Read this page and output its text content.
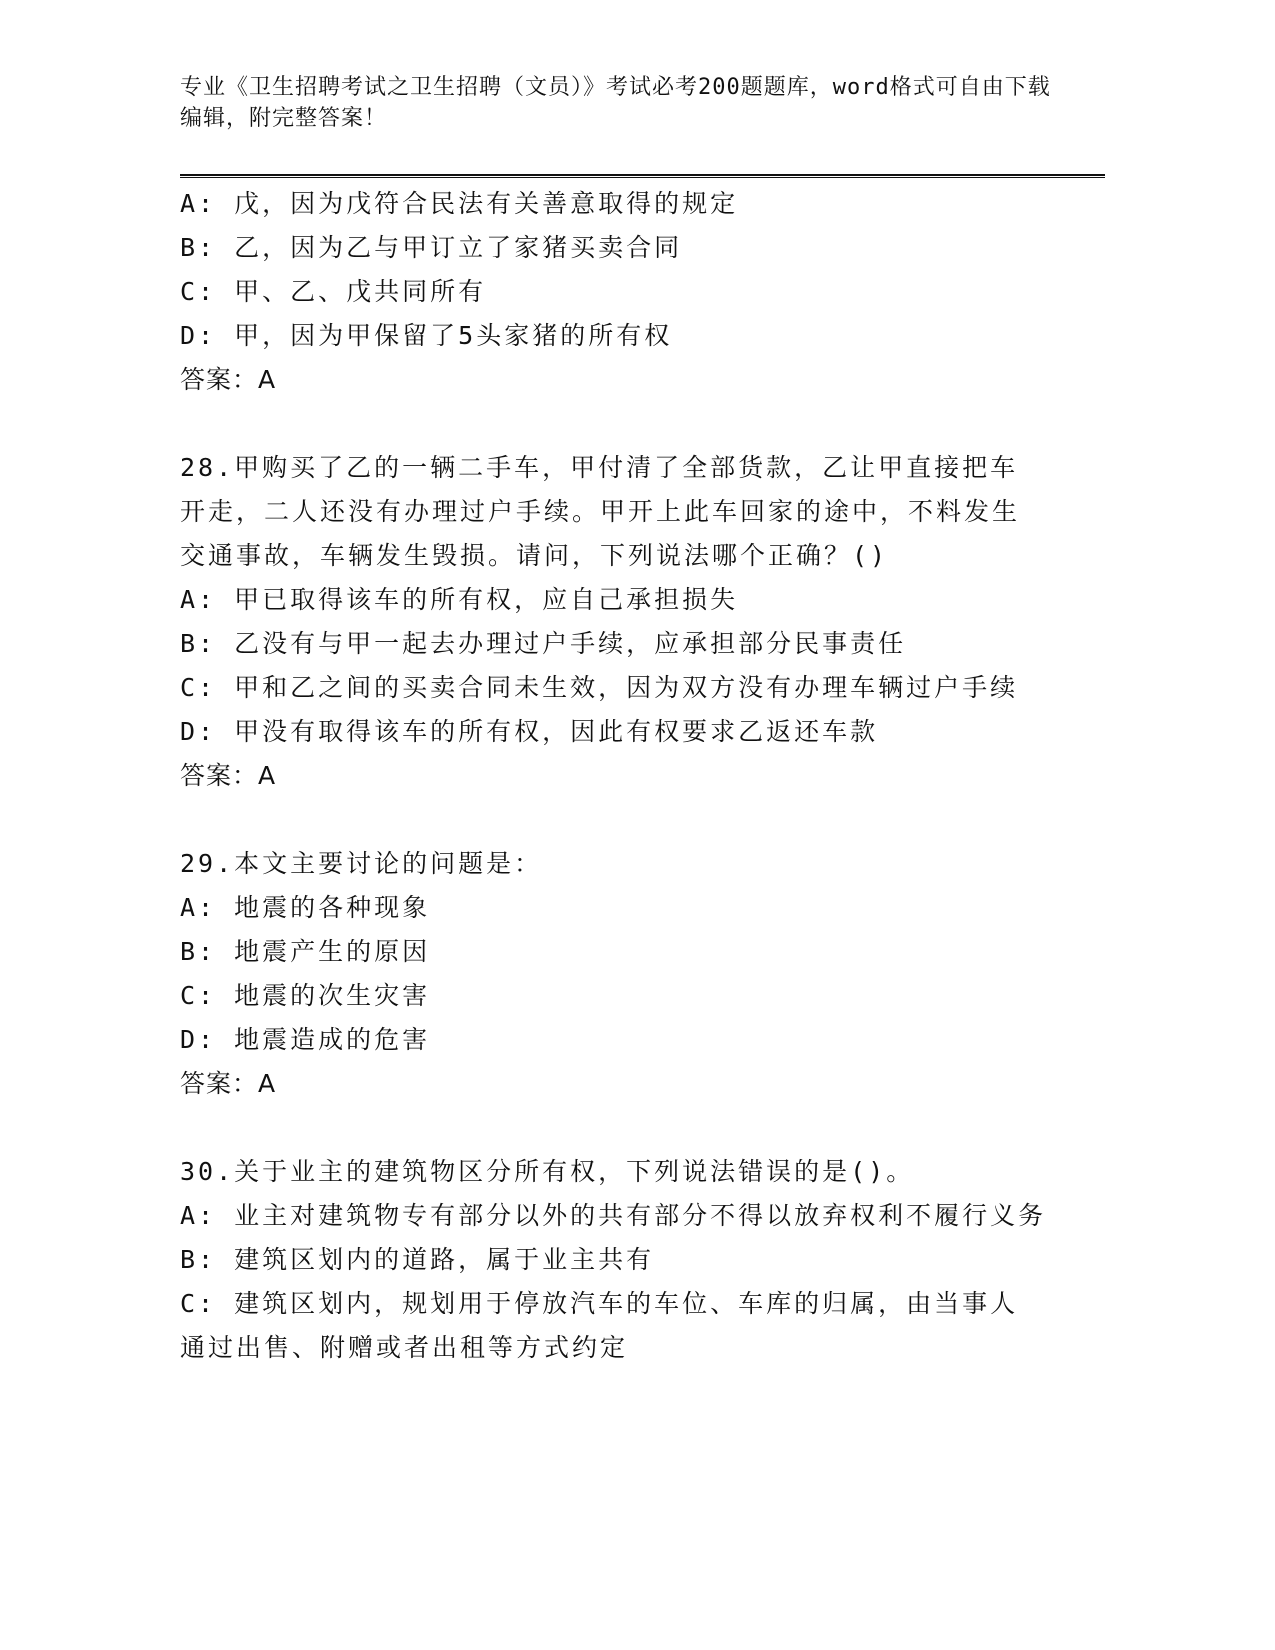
专业《卫生招聘考试之卫生招聘（文员）》考试必考200题题库，word格式可自由下载编辑，附完整答案！
A: 戊，因为戊符合民法有关善意取得的规定
B: 乙，因为乙与甲订立了家猪买卖合同
C: 甲、乙、戊共同所有
D: 甲，因为甲保留了5头家猪的所有权
答案：A
28.甲购买了乙的一辆二手车，甲付清了全部货款，乙让甲直接把车开走，二人还没有办理过户手续。甲开上此车回家的途中，不料发生交通事故，车辆发生毁损。请问，下列说法哪个正确？()
A: 甲已取得该车的所有权，应自己承担损失
B: 乙没有与甲一起去办理过户手续，应承担部分民事责任
C: 甲和乙之间的买卖合同未生效，因为双方没有办理车辆过户手续
D: 甲没有取得该车的所有权，因此有权要求乙返还车款
答案：A
29.本文主要讨论的问题是：
A: 地震的各种现象
B: 地震产生的原因
C: 地震的次生灾害
D: 地震造成的危害
答案：A
30.关于业主的建筑物区分所有权，下列说法错误的是()。
A: 业主对建筑物专有部分以外的共有部分不得以放弃权利不履行义务
B: 建筑区划内的道路，属于业主共有
C: 建筑区划内，规划用于停放汽车的车位、车库的归属，由当事人通过出售、附赠或者出租等方式约定
